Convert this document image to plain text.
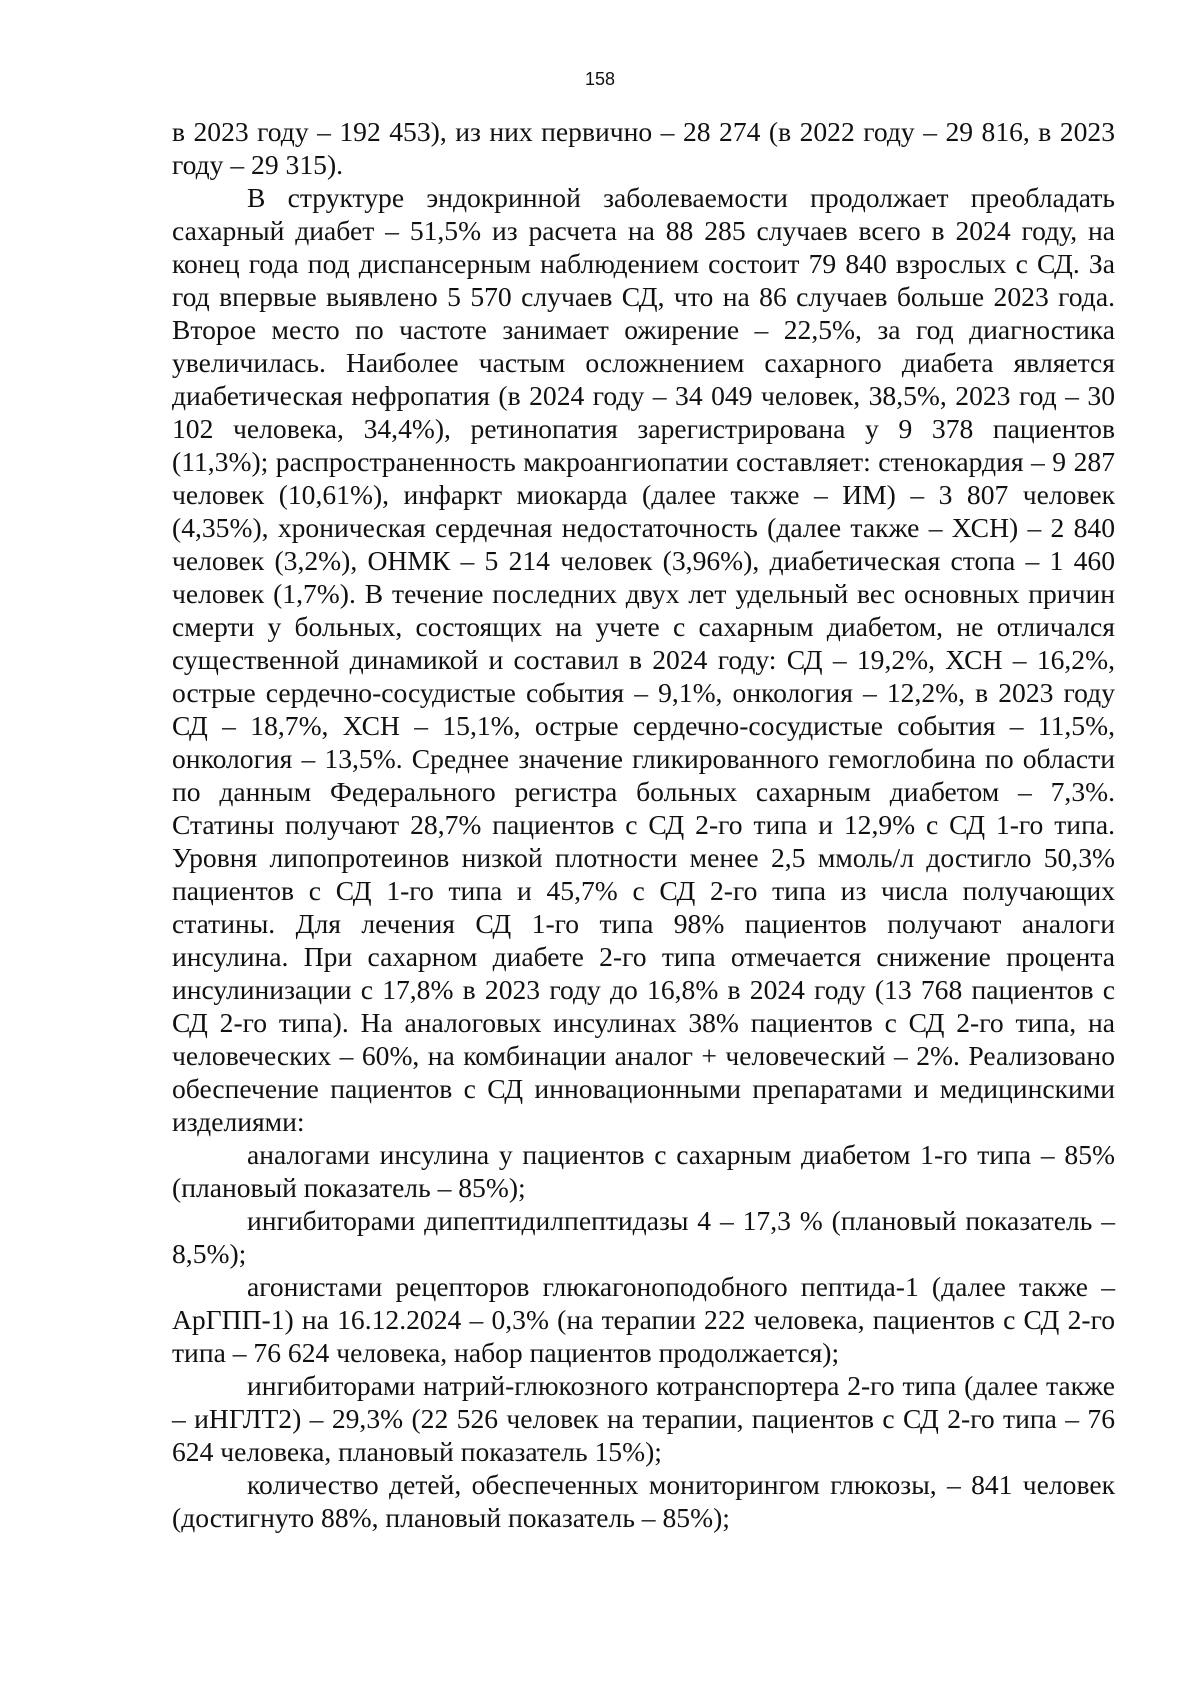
158

в 2023 году – 192 453), из них первично – 28 274 (в 2022 году – 29 816, в 2023 году – 29 315).

В структуре эндокринной заболеваемости продолжает преобладать сахарный диабет – 51,5% из расчета на 88 285 случаев всего в 2024 году, на конец года под диспансерным наблюдением состоит 79 840 взрослых с СД. За год впервые выявлено 5 570 случаев СД, что на 86 случаев больше 2023 года. Второе место по частоте занимает ожирение – 22,5%, за год диагностика увеличилась. Наиболее частым осложнением сахарного диабета является диабетическая нефропатия (в 2024 году – 34 049 человек, 38,5%, 2023 год – 30 102 человека, 34,4%), ретинопатия зарегистрирована у 9 378 пациентов (11,3%); распространенность макроангиопатии составляет: стенокардия – 9 287 человек (10,61%), инфаркт миокарда (далее также – ИМ) – 3 807 человек (4,35%), хроническая сердечная недостаточность (далее также – ХСН) – 2 840 человек (3,2%), ОНМК – 5 214 человек (3,96%), диабетическая стопа – 1 460 человек (1,7%). В течение последних двух лет удельный вес основных причин смерти у больных, состоящих на учете с сахарным диабетом, не отличался существенной динамикой и составил в 2024 году: СД – 19,2%, ХСН – 16,2%, острые сердечно-сосудистые события – 9,1%, онкология – 12,2%, в 2023 году СД – 18,7%, ХСН – 15,1%, острые сердечно-сосудистые события – 11,5%, онкология – 13,5%. Среднее значение гликированного гемоглобина по области по данным Федерального регистра больных сахарным диабетом – 7,3%. Статины получают 28,7% пациентов с СД 2-го типа и 12,9% с СД 1-го типа. Уровня липопротеинов низкой плотности менее 2,5 ммоль/л достигло 50,3% пациентов с СД 1-го типа и 45,7% с СД 2-го типа из числа получающих статины. Для лечения СД 1-го типа 98% пациентов получают аналоги инсулина. При сахарном диабете 2-го типа отмечается снижение процента инсулинизации с 17,8% в 2023 году до 16,8% в 2024 году (13 768 пациентов с СД 2-го типа). На аналоговых инсулинах 38% пациентов с СД 2-го типа, на человеческих – 60%, на комбинации аналог + человеческий – 2%. Реализовано обеспечение пациентов с СД инновационными препаратами и медицинскими изделиями:

аналогами инсулина у пациентов с сахарным диабетом 1-го типа – 85% (плановый показатель – 85%);

ингибиторами дипептидилпептидазы 4 – 17,3 % (плановый показатель – 8,5%);

агонистами рецепторов глюкагоноподобного пептида-1 (далее также – АрГПП-1) на 16.12.2024 – 0,3% (на терапии 222 человека, пациентов с СД 2-го типа – 76 624 человека, набор пациентов продолжается);

ингибиторами натрий-глюкозного котранспортера 2-го типа (далее также – иНГЛТ2) – 29,3% (22 526 человек на терапии, пациентов с СД 2-го типа – 76 624 человека, плановый показатель 15%);

количество детей, обеспеченных мониторингом глюкозы, – 841 человек (достигнуто 88%, плановый показатель – 85%);
